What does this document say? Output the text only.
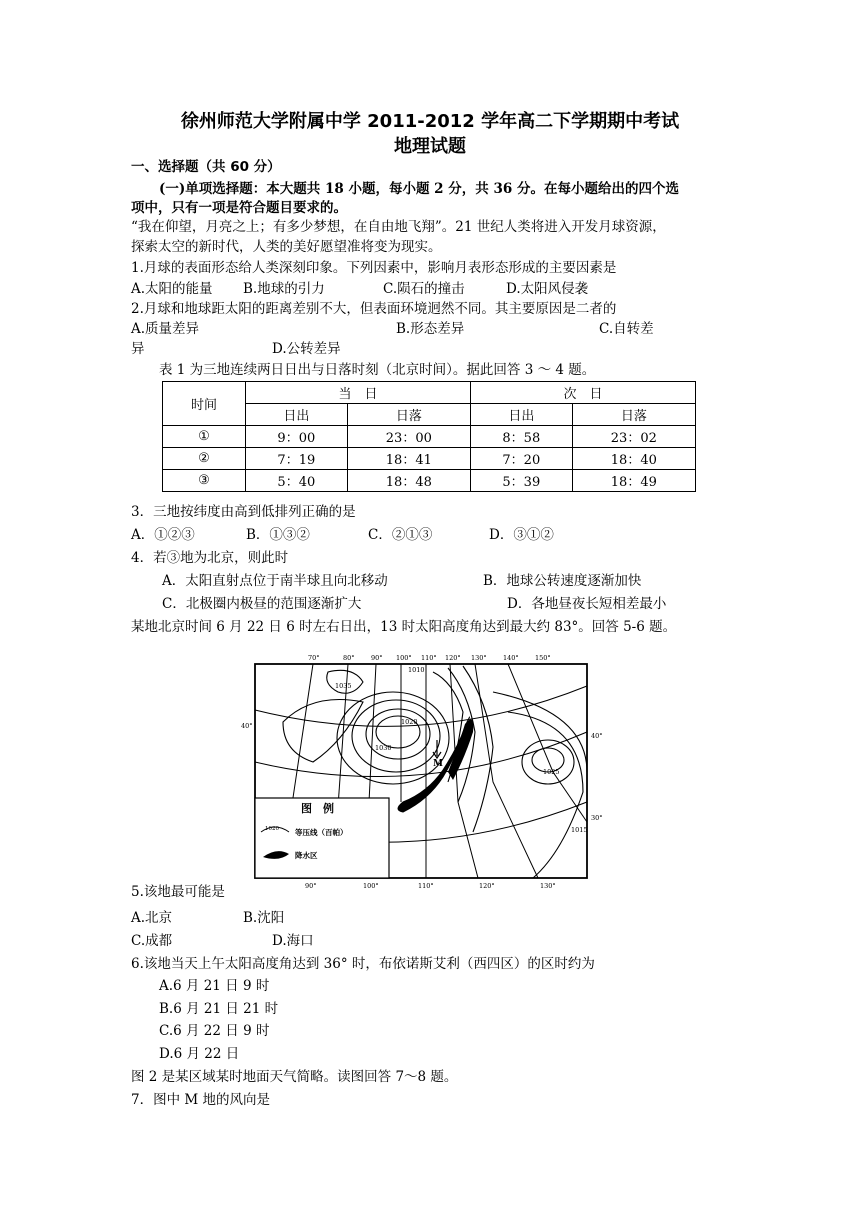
徐州师范大学附属中学 2011-2012 学年高二下学期期中考试
地理试题
一、选择题（共 60 分）
(一)单项选择题：本大题共 18 小题，每小题 2 分，共 36 分。在每小题给出的四个选
项中，只有一项是符合题目要求的。
“我在仰望，月亮之上；有多少梦想，在自由地飞翔”。21 世纪人类将进入开发月球资源，
探索太空的新时代，人类的美好愿望准将变为现实。
1.月球的表面形态给人类深刻印象。下列因素中，影响月表形态形成的主要因素是
A.太阳的能量 B.地球的引力	C.陨石的撞击	D.太阳风侵袭
2.月球和地球距太阳的距离差别不大，但表面环境迥然不同。其主要原因是二者的
A.质量差异	B.形态差异	C.自转差
异	D.公转差异
表 1 为三地连续两日日出与日落时刻（北京时间）。据此回答 3 ～ 4 题。
时间	当　日		次　日	
	日出	日落	日出	日落
①	9：00	23：00	8：58	23：02
②	7：19	18：41	7：20	18：40
③	5：40	18：48	5：39	18：49
3．三地按纬度由高到低排列正确的是
A．①②③	B．①③②	C．②①③	D．③①②
4．若③地为北京，则此时
A．太阳直射点位于南半球且向北移动	B．地球公转速度逐渐加快
C．北极圈内极昼的范围逐渐扩大	D．各地昼夜长短相差最小
某地北京时间 6 月 22 日 6 时左右日出，13 时太阳高度角达到最大约 83°。回答 5-6 题。
70°	80°	90° 100° 110° 120° 130°	140°	150°
90°	100°	110°	120°	130°
40°
40°
30°
1020
1030
1035
1025
1015
1010
M
图　例
1020 等压线（百帕）
降水区
5.该地最可能是
A.北京	B.沈阳
C.成都	D.海口
6.该地当天上午太阳高度角达到 36° 时，布依诺斯艾利（西四区）的区时约为
A.6 月 21 日 9 时
B.6 月 21 日 21 时
C.6 月 22 日 9 时
D.6 月 22 日
图 2 是某区域某时地面天气简略。读图回答 7～8 题。
7．图中 M 地的风向是
